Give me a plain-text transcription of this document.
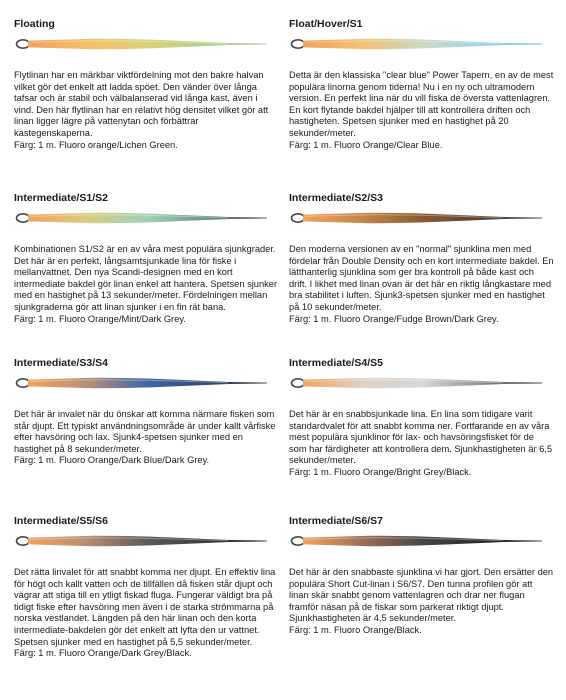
Floating

Flytlinan har en märkbar viktfördelning mot den bakre halvan vilket gör det enkelt att ladda spöet. Den vänder över långa tafsar och är stabil och välbalanserad vid långa kast, även i vind. Den här flytlinan har en relativt hög densitet vilket gör att linan ligger lägre på vattenytan och förbättrar kastegenskaperna.
Färg: 1 m. Fluoro orange/Lichen Green.

Float/Hover/S1

Detta är den klassiska "clear blue" Power Tapern, en av de mest populära linorna genom tiderna! Nu i en ny och ultramodern version. En perfekt lina när du vill fiska de översta vattenlagren. En kort flytande bakdel hjälper till att kontrollera driften och hastigheten. Spetsen sjunker med en hastighet på 20 sekunder/meter.
Färg: 1 m. Fluoro Orange/Clear Blue.

Intermediate/S1/S2

Kombinationen S1/S2 är en av våra mest populära sjunkgrader. Det här är en perfekt, långsamtsjunkade lina för fiske i mellanvattnet. Den nya Scandi-designen med en kort intermediate bakdel gör linan enkel att hantera. Spetsen sjunker med en hastighet på 13 sekunder/meter. Fördelningen mellan sjunkgraderna gör att linan sjunker i en fin rät bana.
Färg: 1 m. Fluoro Orange/Mint/Dark Grey.

Intermediate/S2/S3

Den moderna versionen av en "normal" sjunklina men med fördelar från Double Density och en kort intermediate bakdel. En lätthanterlig sjunklina som ger bra kontroll på både kast och drift. I likhet med linan ovan är det här en riktig långkastare med bra stabilitet i luften. Sjunk3-spetsen sjunker med en hastighet på 10 sekunder/meter.
Färg: 1 m. Fluoro Orange/Fudge Brown/Dark Grey.

Intermediate/S3/S4

Det här är invalet när du önskar att komma närmare fisken som står djupt. Ett typiskt användningsområde är under kallt vårfiske efter havsöring och lax. Sjunk4-spetsen sjunker med en hastighet på 8 sekunder/meter.
Färg: 1 m. Fluoro Orange/Dark Blue/Dark Grey.

Intermediate/S4/S5

Det här är en snabbsjunkade lina. En lina som tidigare varit standardvalet för att snabbt komma ner. Fortfarande en av våra mest populära sjunklinor för lax- och havsöringsfisket för de som har färdigheter att kontrollera dem. Sjunkhastigheten är 6,5 sekunder/meter.
Färg: 1 m. Fluoro Orange/Bright Grey/Black.

Intermediate/S5/S6

Det rätta linvalet för att snabbt komma ner djupt. En effektiv lina för högt och kallt vatten och de tillfällen då fisken står djupt och vägrar att stiga till en ytligt fiskad fluga. Fungerar väldigt bra på tidigt fiske efter havsöring men även i de starka strömmarna på norska vestlandet. Längden på den här linan och den korta intermediate-bakdelen gör det enkelt att lyfta den ur vattnet. Spetsen sjunker med en hastighet på 5,5 sekunder/meter.
Färg: 1 m. Fluoro Orange/Dark Grey/Black.

Intermediate/S6/S7

Det här är den snabbaste sjunklina vi har gjort. Den ersätter den populära Short Cut-linan i S6/S7. Den tunna profilen gör att linan skär snabbt genom vattenlagren och drar ner flugan framför näsan på de fiskar som parkerat riktigt djupt. Sjunkhastigheten är 4,5 sekunder/meter.
Färg: 1 m. Fluoro Orange/Black.
